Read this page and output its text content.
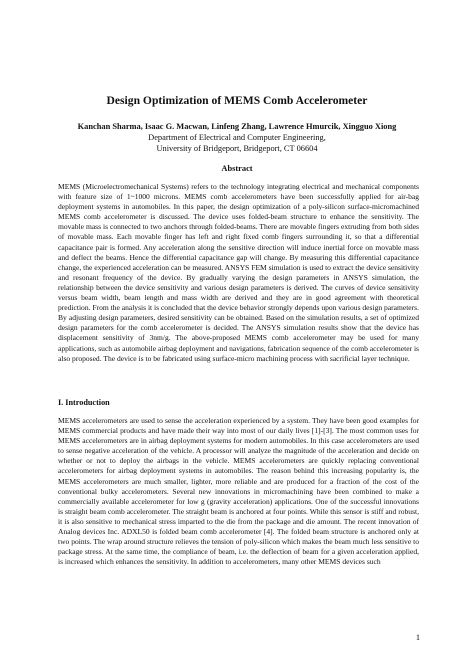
Design Optimization of MEMS Comb Accelerometer
Kanchan Sharma, Isaac G. Macwan, Linfeng Zhang, Lawrence Hmurcik, Xingguo Xiong
Department of Electrical and Computer Engineering,
University of Bridgeport, Bridgeport, CT 06604
Abstract

MEMS (Microelectromechanical Systems) refers to the technology integrating electrical and mechanical components with feature size of 1~1000 microns. MEMS comb accelerometers have been successfully applied for air-bag deployment systems in automobiles. In this paper, the design optimization of a poly-silicon surface-micromachined MEMS comb accelerometer is discussed. The device uses folded-beam structure to enhance the sensitivity. The movable mass is connected to two anchors through folded-beams. There are movable fingers extruding from both sides of movable mass. Each movable finger has left and right fixed comb fingers surrounding it, so that a differential capacitance pair is formed. Any acceleration along the sensitive direction will induce inertial force on movable mass and deflect the beams. Hence the differential capacitance gap will change. By measuring this differential capacitance change, the experienced acceleration can be measured. ANSYS FEM simulation is used to extract the device sensitivity and resonant frequency of the device. By gradually varying the design parameters in ANSYS simulation, the relationship between the device sensitivity and various design parameters is derived. The curves of device sensitivity versus beam width, beam length and mass width are derived and they are in good agreement with theoretical prediction. From the analysis it is concluded that the device behavior strongly depends upon various design parameters. By adjusting design parameters, desired sensitivity can be obtained. Based on the simulation results, a set of optimized design parameters for the comb accelerometer is decided. The ANSYS simulation results show that the device has displacement sensitivity of 3nm/g. The above-proposed MEMS comb accelerometer may be used for many applications, such as automobile airbag deployment and navigations, fabrication sequence of the comb accelerometer is also proposed. The device is to be fabricated using surface-micro machining process with sacrificial layer technique.

I. Introduction

MEMS accelerometers are used to sense the acceleration experienced by a system. They have been good examples for MEMS commercial products and have made their way into most of our daily lives [1]-[3]. The most common uses for MEMS accelerometers are in airbag deployment systems for modern automobiles. In this case accelerometers are used to sense negative acceleration of the vehicle. A processor will analyze the magnitude of the acceleration and decide on whether or not to deploy the airbags in the vehicle. MEMS accelerometers are quickly replacing conventional accelerometers for airbag deployment systems in automobiles. The reason behind this increasing popularity is, the MEMS accelerometers are much smaller, lighter, more reliable and are produced for a fraction of the cost of the conventional bulky accelerometers. Several new innovations in micromachining have been combined to make a commercially available accelerometer for low g (gravity acceleration) applications. One of the successful innovations is straight beam comb accelerometer. The straight beam is anchored at four points. While this sensor is stiff and robust, it is also sensitive to mechanical stress imparted to the die from the package and die amount. The recent innovation of Analog devices Inc. ADXL50 is folded beam comb accelerometer [4]. The folded beam structure is anchored only at two points. The wrap around structure relieves the tension of poly-silicon which makes the beam much less sensitive to package stress. At the same time, the compliance of beam, i.e. the deflection of beam for a given acceleration applied, is increased which enhances the sensitivity. In addition to accelerometers, many other MEMS devices such

1
